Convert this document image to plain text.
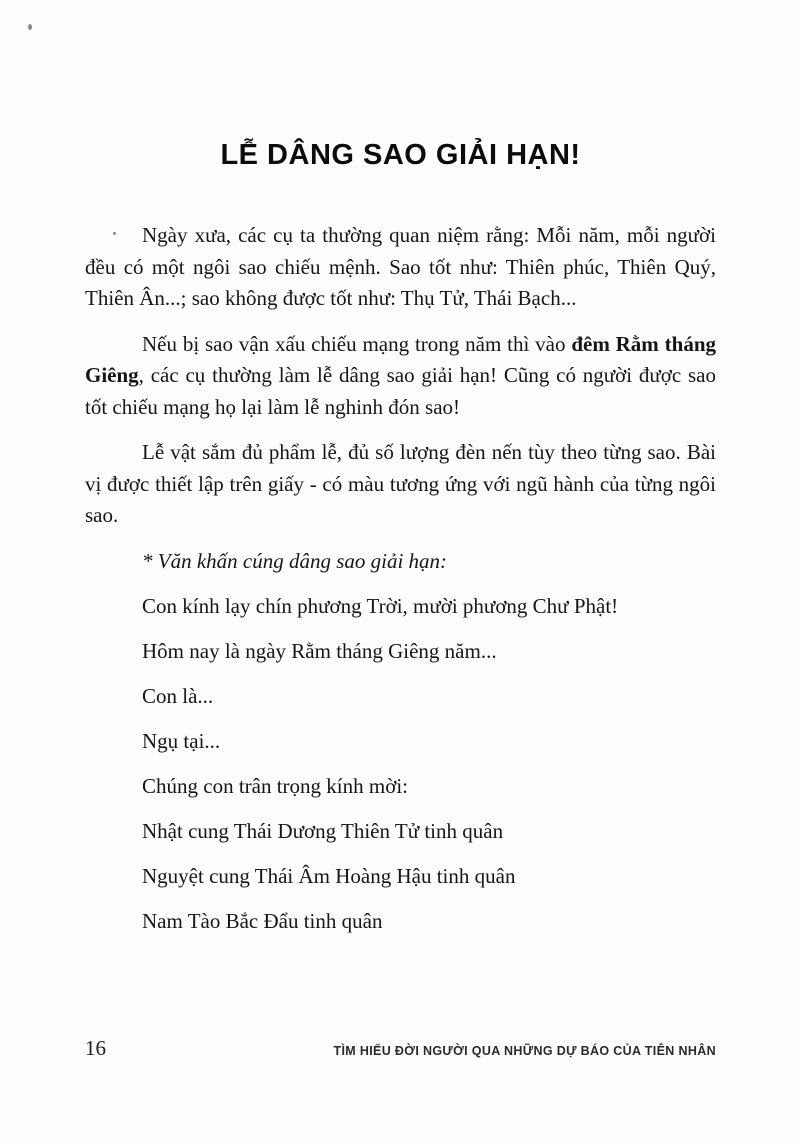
LỄ DÂNG SAO GIẢI HẠN!

Ngày xưa, các cụ ta thường quan niệm rằng: Mỗi năm, mỗi người đều có một ngôi sao chiếu mệnh. Sao tốt như: Thiên phúc, Thiên Quý, Thiên Ân...; sao không được tốt như: Thụ Tử, Thái Bạch...

Nếu bị sao vận xấu chiếu mạng trong năm thì vào đêm Rằm tháng Giêng, các cụ thường làm lễ dâng sao giải hạn! Cũng có người được sao tốt chiếu mạng họ lại làm lễ nghinh đón sao!

Lễ vật sắm đủ phẩm lễ, đủ số lượng đèn nến tùy theo từng sao. Bài vị được thiết lập trên giấy - có màu tương ứng với ngũ hành của từng ngôi sao.

* Văn khấn cúng dâng sao giải hạn:

Con kính lạy chín phương Trời, mười phương Chư Phật!

Hôm nay là ngày Rằm tháng Giêng năm...

Con là...

Ngụ tại...

Chúng con trân trọng kính mời:

Nhật cung Thái Dương Thiên Tử tinh quân

Nguyệt cung Thái Âm Hoàng Hậu tinh quân

Nam Tào Bắc Đẩu tinh quân

16	TÌM HIỂU ĐỜI NGƯỜI QUA NHỮNG DỰ BÁO CỦA TIÊN NHÂN
